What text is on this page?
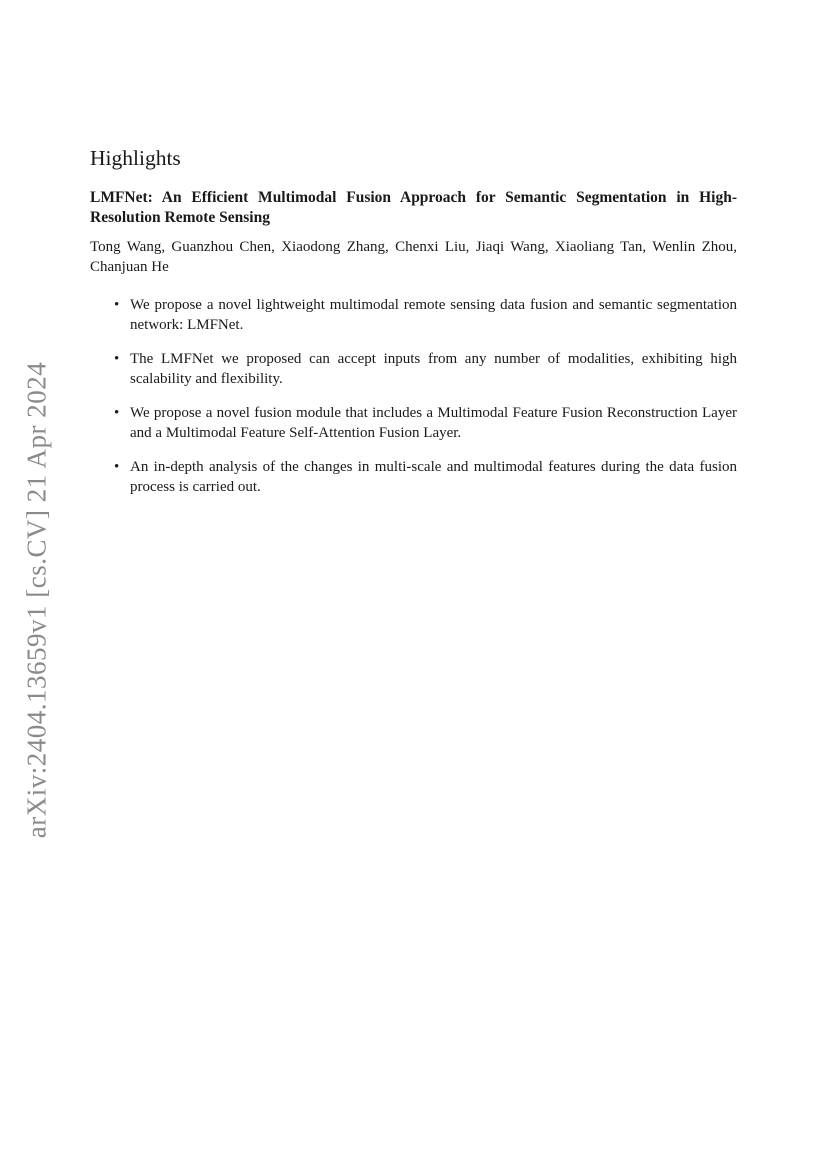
arXiv:2404.13659v1 [cs.CV] 21 Apr 2024
Highlights
LMFNet: An Efficient Multimodal Fusion Approach for Semantic Segmentation in High-Resolution Remote Sensing
Tong Wang, Guanzhou Chen, Xiaodong Zhang, Chenxi Liu, Jiaqi Wang, Xiaoliang Tan, Wenlin Zhou, Chanjuan He
• We propose a novel lightweight multimodal remote sensing data fusion and semantic segmentation network: LMFNet.
• The LMFNet we proposed can accept inputs from any number of modalities, exhibiting high scalability and flexibility.
• We propose a novel fusion module that includes a Multimodal Feature Fusion Reconstruction Layer and a Multimodal Feature Self-Attention Fusion Layer.
• An in-depth analysis of the changes in multi-scale and multimodal features during the data fusion process is carried out.
